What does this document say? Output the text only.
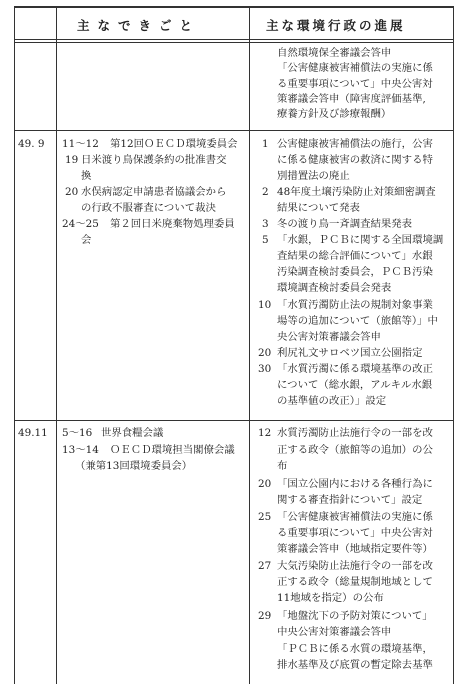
主なできごと	主な環境行政の進展
自然環境保全審議会答申
「公害健康被害補償法の実施に係
る重要事項について」中央公害対
策審議会答申（障害度評価基準,
療養方針及び診療報酬）
49. 9 11～12 第12回ＯＥＣＤ環境委員会
19 日米渡り鳥保護条約の批准書交
換
20 水俣病認定申請患者協議会から
の行政不服審査について裁決
24～25 第２回日米廃棄物処理委員
会
1 公害健康被害補償法の施行，公害
に係る健康被害の救済に関する特
別措置法の廃止
2 48年度土壌汚染防止対策細密調査
結果について発表
3 冬の渡り鳥一斉調査結果発表
5 「水銀，ＰＣＢに関する全国環境調
査結果の総合評価について」水銀
汚染調査検討委員会，ＰＣＢ汚染
環境調査検討委員会発表
10 「水質汚濁防止法の規制対象事業
場等の追加について（旅館等）」中
央公害対策審議会答申
20 利尻礼文サロベツ国立公園指定
30 「水質汚濁に係る環境基準の改正
について（総水銀，アルキル水銀
の基準値の改正）」設定
49.11 5～16 世界食糧会議
13～14 ＯＥＣＤ環境担当閣僚会議
（兼第13回環境委員会）
12 水質汚濁防止法施行令の一部を改
正する政令（旅館等の追加）の公
布
20 「国立公園内における各種行為に
関する審査指針について」設定
25 「公害健康被害補償法の実施に係
る重要事項について」中央公害対
策審議会答申（地域指定要件等）
27 大気汚染防止法施行令の一部を改
正する政令（総量規制地域として
11地域を指定）の公布
29 「地盤沈下の予防対策について」
中央公害対策審議会答申
「ＰＣＢに係る水質の環境基準，
排水基準及び底質の暫定除去基準
